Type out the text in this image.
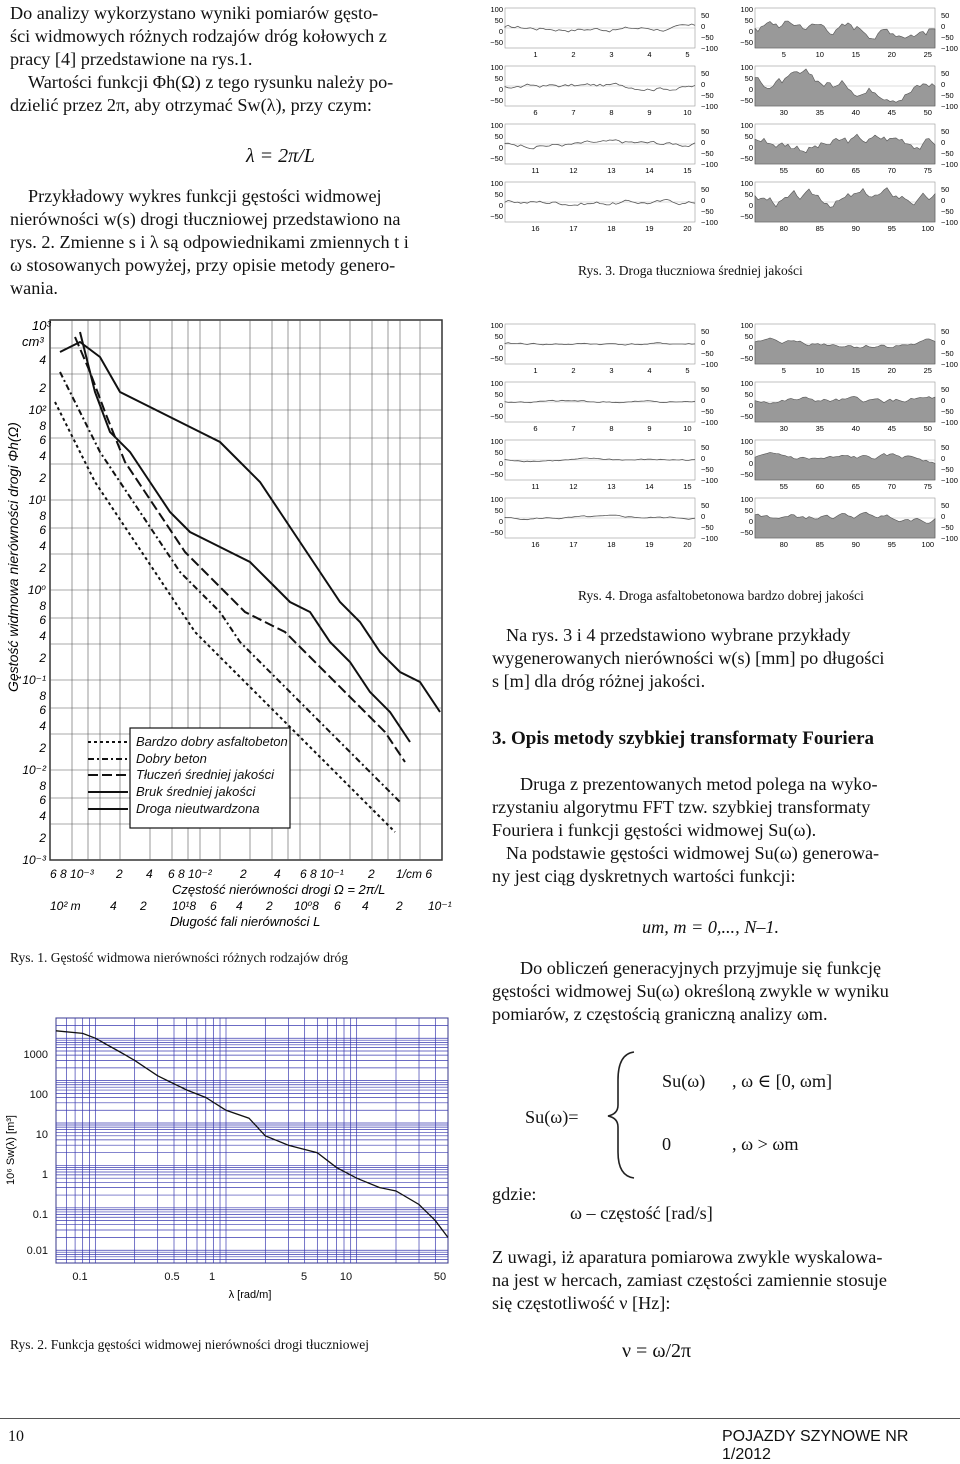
Do analizy wykorzystano wyniki pomiarów gęsto-

ści widmowych różnych rodzajów dróg kołowych z

pracy [4] przedstawione na rys.1.

Wartości funkcji Φh(Ω) z tego rysunku należy po-

dzielić przez 2π, aby otrzymać Sw(λ), przy czym:

λ = 2π/L

Przykładowy wykres funkcji gęstości widmowej

nierówności w(s) drogi tłuczniowej przedstawiono na

rys. 2. Zmienne s i λ są odpowiednikami zmiennych t i

ω stosowanych powyżej, przy opisie metody genero-

wania.

Bardzo dobry asfaltobeton
Dobry beton
Tłuczeń średniej jakości
Bruk średniej jakości
Droga nieutwardzona
Gęstość widmowa nierówności drogi Φh(Ω)
10³
cm³
4
2
10²
8
6
4
2
10¹
8
6
4
2
10⁰
8
6
4
2
10⁻¹
8
6
4
2
10⁻²
8
6
4
2
10⁻³
6 8 10⁻³ 2 4 6 8 10⁻² 2 4 6 8 10⁻¹ 2 1/cm 6
Częstość nierówności drogi Ω = 2π/L
10² m 4 2 10¹8 6 4 2 10⁰8 6 4 2 10⁻¹
Długość fali nierówności L
Rys. 1. Gęstość widmowa nierówności różnych rodzajów dróg
1000
100
10
1
0.1
0.01
0.1	0.5	1	5	10	50
λ [rad/m]
10⁶ Sw(λ) [m³]
Rys. 2. Funkcja gęstości widmowej nierówności drogi tłuczniowej
100
50
0
−50
50
0
−50
−100
1	2	3	4	5
100
50
0
−50
50
0
−50
−100
6	7	8	9	10
100
50
0
−50
50
0
−50
−100
11	12	13	14	15
100
50
0
−50
50
0
−50
−100
16	17	18	19	20
100
50
0
−50
50
0
−50
−100
5	10	15	20	25
100
50
0
−50
50
0
−50
−100
30	35	40	45	50
100
50
0
−50
50
0
−50
−100
55	60	65	70	75
100
50
0
−50
50
0
−50
−100
80	85	90	95	100
Rys. 3. Droga tłuczniowa średniej jakości
100
50
0
−50
50
0
−50
−100
1	2	3	4	5
100
50
0
−50
50
0
−50
−100
6	7	8	9	10
100
50
0
−50
50
0
−50
−100
11	12	13	14	15
100
50
0
−50
50
0
−50
−100
16	17	18	19	20
100
50
0
−50
50
0
−50
−100
5	10	15	20	25
100
50
0
−50
50
0
−50
−100
30	35	40	45	50
100
50
0
−50
50
0
−50
−100
55	60	65	70	75
100
50
0
−50
50
0
−50
−100
80	85	90	95	100
Rys. 4. Droga asfaltobetonowa bardzo dobrej jakości

Na rys. 3 i 4 przedstawiono wybrane przykłady

wygenerowanych nierówności w(s) [mm] po długości

s [m] dla dróg różnej jakości.

3. Opis metody szybkiej transformaty Fouriera

Druga z prezentowanych metod polega na wyko-

rzystaniu algorytmu FFT tzw. szybkiej transformaty

Fouriera i funkcji gęstości widmowej Su(ω).

Na podstawie gęstości widmowej Su(ω) generowa-

ny jest ciąg dyskretnych wartości funkcji:

um, m = 0,..., N–1.

Do obliczeń generacyjnych przyjmuje się funkcję

gęstości widmowej Su(ω) określoną zwykle w wyniku

pomiarów, z częstością graniczną analizy ωm.

Su(ω)=
Su(ω) , ω ∈ [0, ωm]
0	, ω > ωm
gdzie:
ω – częstość [rad/s]

Z uwagi, iż aparatura pomiarowa zwykle wyskalowa-

na jest w hercach, zamiast częstości zamiennie stosuje

się częstotliwość ν [Hz]:

ν = ω/2π
10	POJAZDY SZYNOWE NR 1/2012
